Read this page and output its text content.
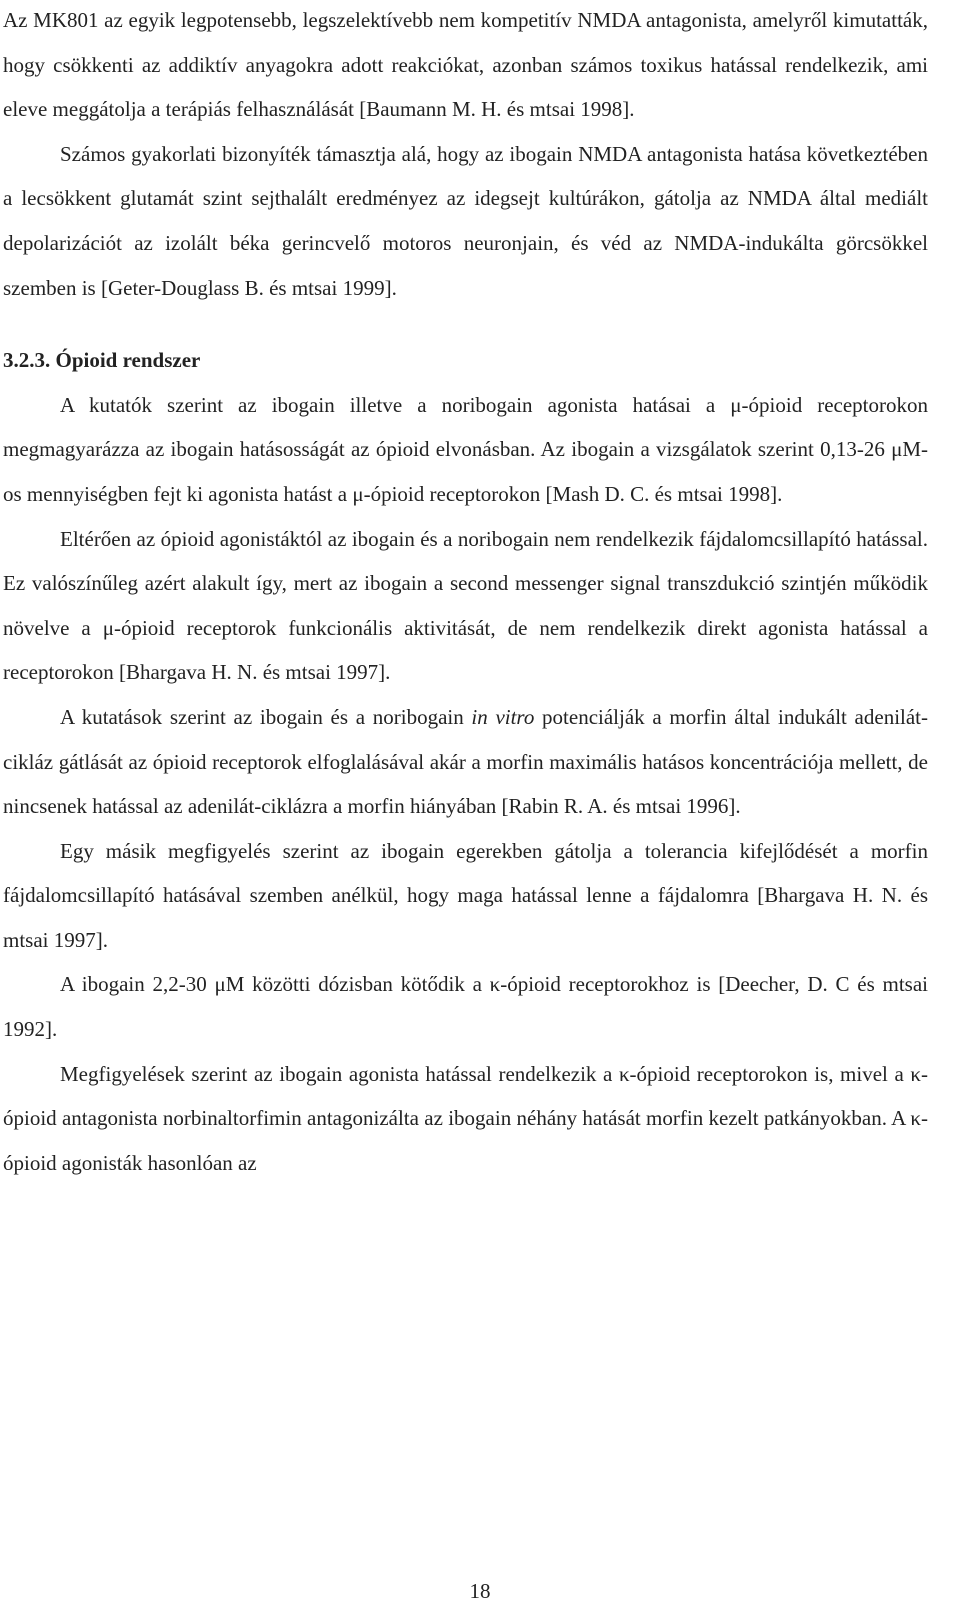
Az MK801 az egyik legpotensebb, legszelektívebb nem kompetitív NMDA antagonista, amelyről kimutatták, hogy csökkenti az addiktív anyagokra adott reakciókat, azonban számos toxikus hatással rendelkezik, ami eleve meggátolja a terápiás felhasználását [Baumann M. H. és mtsai 1998].

Számos gyakorlati bizonyíték támasztja alá, hogy az ibogain NMDA antagonista hatása következtében a lecsökkent glutamát szint sejthalált eredményez az idegsejt kultúrákon, gátolja az NMDA által mediált depolarizációt az izolált béka gerincvelő motoros neuronjain, és véd az NMDA-indukálta görcsökkel szemben is [Geter-Douglass B. és mtsai 1999].

3.2.3. Ópioid rendszer

A kutatók szerint az ibogain illetve a noribogain agonista hatásai a μ-ópioid receptorokon megmagyarázza az ibogain hatásosságát az ópioid elvonásban. Az ibogain a vizsgálatok szerint 0,13-26 μM-os mennyiségben fejt ki agonista hatást a μ-ópioid receptorokon [Mash D. C. és mtsai 1998].

Eltérően az ópioid agonistáktól az ibogain és a noribogain nem rendelkezik fájdalomcsillapító hatással. Ez valószínűleg azért alakult így, mert az ibogain a second messenger signal transzdukció szintjén működik növelve a μ-ópioid receptorok funkcionális aktivitását, de nem rendelkezik direkt agonista hatással a receptorokon [Bhargava H. N. és mtsai 1997].

A kutatások szerint az ibogain és a noribogain in vitro potenciálják a morfin által indukált adenilát-cikláz gátlását az ópioid receptorok elfoglalásával akár a morfin maximális hatásos koncentrációja mellett, de nincsenek hatással az adenilát-ciklázra a morfin hiányában [Rabin R. A. és mtsai 1996].

Egy másik megfigyelés szerint az ibogain egerekben gátolja a tolerancia kifejlődését a morfin fájdalomcsillapító hatásával szemben anélkül, hogy maga hatással lenne a fájdalomra [Bhargava H. N. és mtsai 1997].

A ibogain 2,2-30 μM közötti dózisban kötődik a κ-ópioid receptorokhoz is [Deecher, D. C és mtsai 1992].

Megfigyelések szerint az ibogain agonista hatással rendelkezik a κ-ópioid receptorokon is, mivel a κ-ópioid antagonista norbinaltorfimin antagonizálta az ibogain néhány hatását morfin kezelt patkányokban. A κ-ópioid agonisták hasonlóan az

18
